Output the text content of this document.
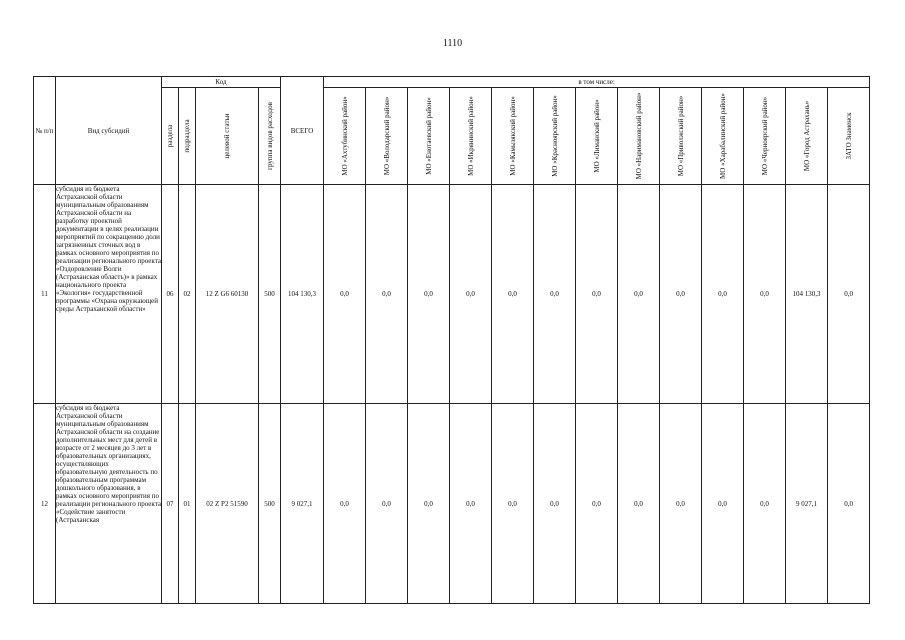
1110
№ п/п	Вид субсидий	Код				ВСЕГО	в том числе:												

		раздела	подраздела	целевой статьи	группа видов расходов		МО «Ахтубинский район»	МО «Володарский район»	МО «Енотаевский район»	МО «Икрянинский район»	МО «Камызякский район»	МО «Красноярский район»	МО «Лиманский район»	МО «Наримановский район»	МО «Приволжский район»	МО «Харабалинский район»	МО «Черноярский район»	МО «Город Астрахань»	ЗАТО Знаменск

11	субсидия из бюджета Астраханской области муниципальным образованиям Астраханской области на разработку проектной документации в целях реализации мероприятий по сокращению доли загрязненных сточных вод в рамках основного мероприятия по реализации регионального проекта «Оздоровление Волги (Астраханская область)» в рамках национального проекта «Экология» государственной программы «Охрана окружающей среды Астраханской области»	06	02	12 Z G6 60130	500	104 130,3	0,0	0,0	0,0	0,0	0,0	0,0	0,0	0,0	0,0	0,0	0,0	104 130,3	0,0
12	субсидия из бюджета Астраханской области муниципальным образованиям Астраханской области на создание дополнительных мест для детей в возрасте от 2 месяцев до 3 лет в образовательных организациях, осуществляющих образовательную деятельность по образовательным программам дошкольного образования, в рамках основного мероприятия по реализации регионального проекта «Содействие занятости (Астраханская	07	01	02 Z P2 51590	500	9 027,1	0,0	0,0	0,0	0,0	0,0	0,0	0,0	0,0	0,0	0,0	0,0	9 027,1	0,0
